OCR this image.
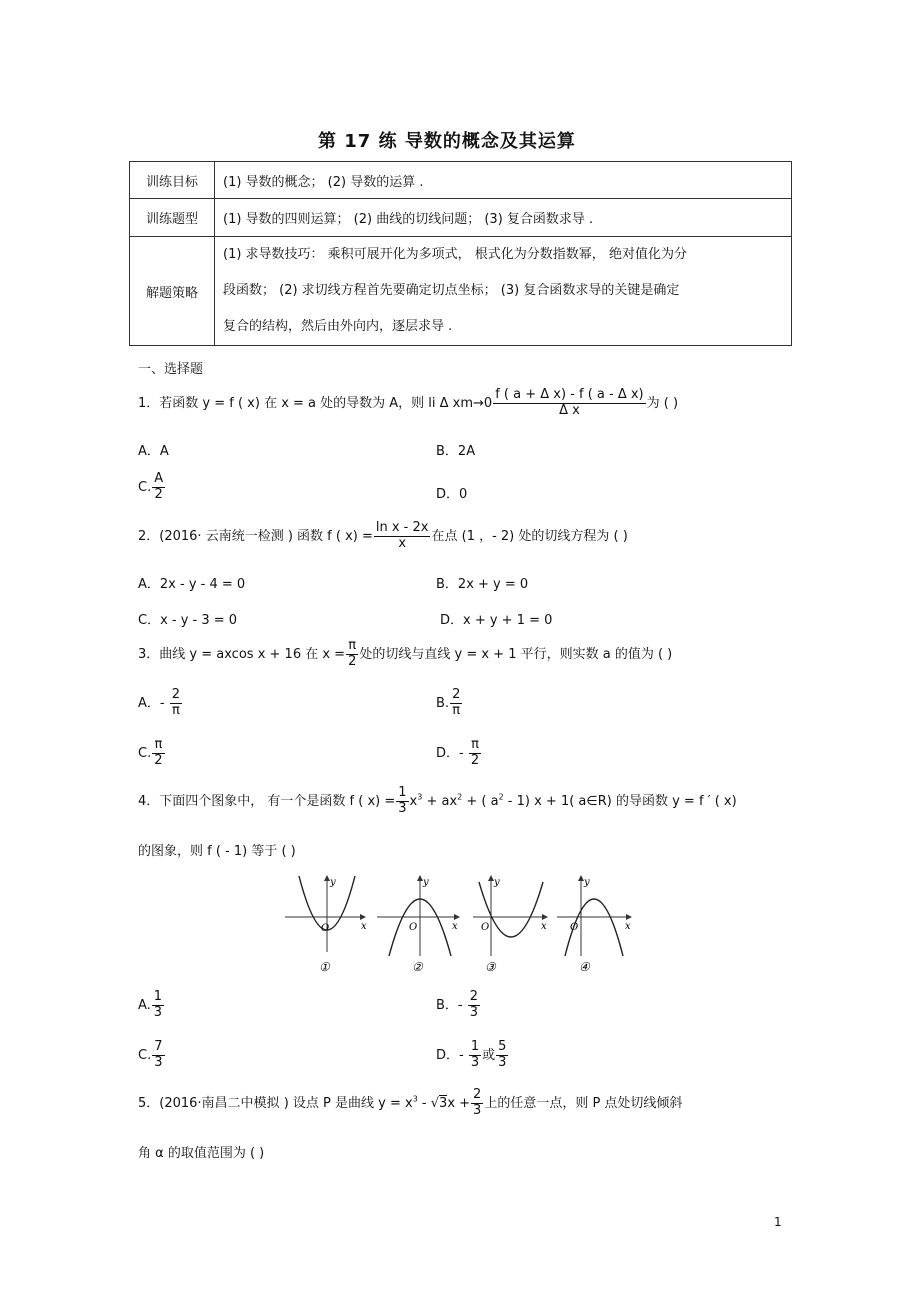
第 17 练 导数的概念及其运算
训练目标	(1) 导数的概念； (2) 导数的运算 .
训练题型	(1) 导数的四则运算； (2) 曲线的切线问题； (3) 复合函数求导 .
解题策略	(1) 求导数技巧： 乘积可展开化为多项式， 根式化为分数指数幂， 绝对值化为分
段函数； (2) 求切线方程首先要确定切点坐标； (3) 复合函数求导的关键是确定
复合的结构，然后由外向内，逐层求导 .
一、选择题
1．若函数 y = f ( x) 在 x = a 处的导数为 A，则 li Δ $xm\to 0 \frac{\text{f ( a + Δ x) - f ( a - Δ x)}}{\text{Δ x}}$ 为 ( )
A．A	B．2A
C. $\frac{A}{2}$	D．0
2．(2016· 云南统一检测 ) 函数 f ( $x) = \frac{\text{ln x - 2x}}{x}$ 在点 (1 ，- 2) 处的切线方程为 ( )
A．2x - y - 4 = 0	B．2x + y = 0
C．x - y - 3 = 0	D．x + y + 1 = 0
3．曲线 y = axcos x + 16 在 $x = \frac{\pi}{2}$ 处的切线与直线 y = x + 1 平行，则实数 a 的值为 ( )
A．- $\frac{2}{\pi}$	B. $\frac{2}{\pi}$
C. $\frac{\pi}{2}$	D．- $\frac{\pi}{2}$
4．下面四个图象中， 有一个是函数 f ( $x) = \frac{1}{3} x^3 + ax^2$ + ( $a^2 - 1$) x + 1( a∈R) 的导函数 y = f ′ ( x)
的图象，则 f ( - 1) 等于 ( )
O	x
y
①
O	x
y
②
O	x
y
③
O	x
y
④
A. $\frac{1}{3}$	B．- $\frac{2}{3}$
C. $\frac{7}{3}$	D．- $\frac{1}{3}$ 或 $\frac{5}{3}$
5．(2016·南昌二中模拟 ) 设点 P 是曲线 $y = x^3 - √3x + \frac{2}{3}$ 上的任意一点，则 P 点处切线倾斜
角 α 的取值范围为 ( )
1
